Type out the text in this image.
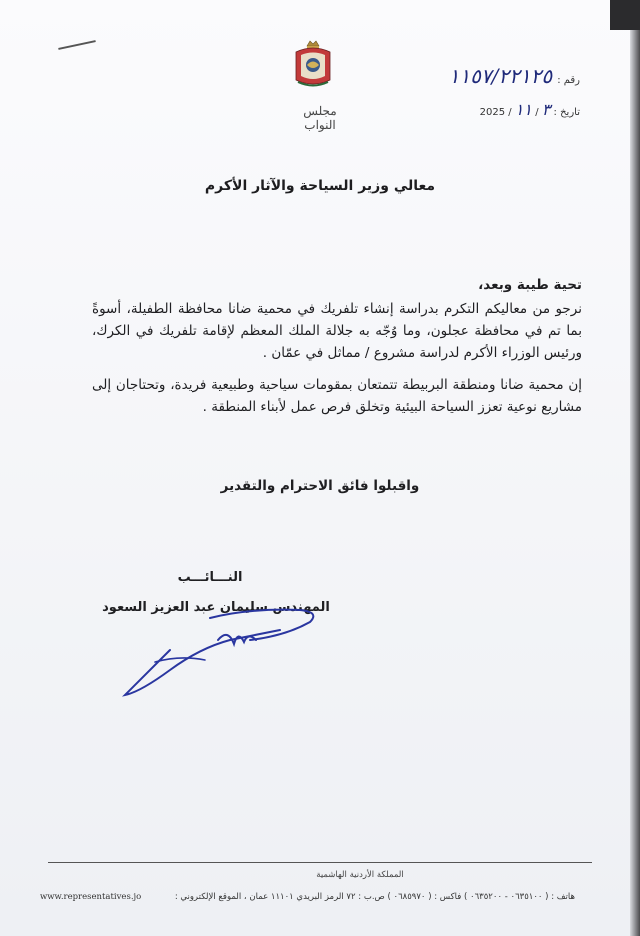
مجلس النواب
رقم : ١١٥٧/٢٢١٢٥
تاريخ : ٣ / ١١ / 2025
معالي وزير السياحة والآثار الأكرم
تحية طيبة وبعد،
نرجو من معاليكم التكرم بدراسة إنشاء تلفريك في محمية ضانا محافظة الطفيلة، أسوةً بما تم في محافظة عجلون، وما وُجّه به جلالة الملك المعظم لإقامة تلفريك في الكرك، ورئيس الوزراء الأكرم لدراسة مشروع / مماثل في عمّان .
إن محمية ضانا ومنطقة البربيطة تتمتعان بمقومات سياحية وطبيعية فريدة، وتحتاجان إلى مشاريع نوعية تعزز السياحة البيئية وتخلق فرص عمل لأبناء المنطقة .
واقبلوا فائق الاحترام والتقدير
النـــائـــب
المهندس سليمان عبد العزيز السعود
المملكة الأردنية الهاشمية
هاتف : ( ٠٦٣٥١٠٠ - ٠٦٣٥٢٠٠ ) فاكس : ( ٠٦٨٥٩٧٠ ) ص.ب : ٧٢ الرمز البريدي ١١١٠١ عمان ، الموقع الإلكتروني :
www.representatives.jo
